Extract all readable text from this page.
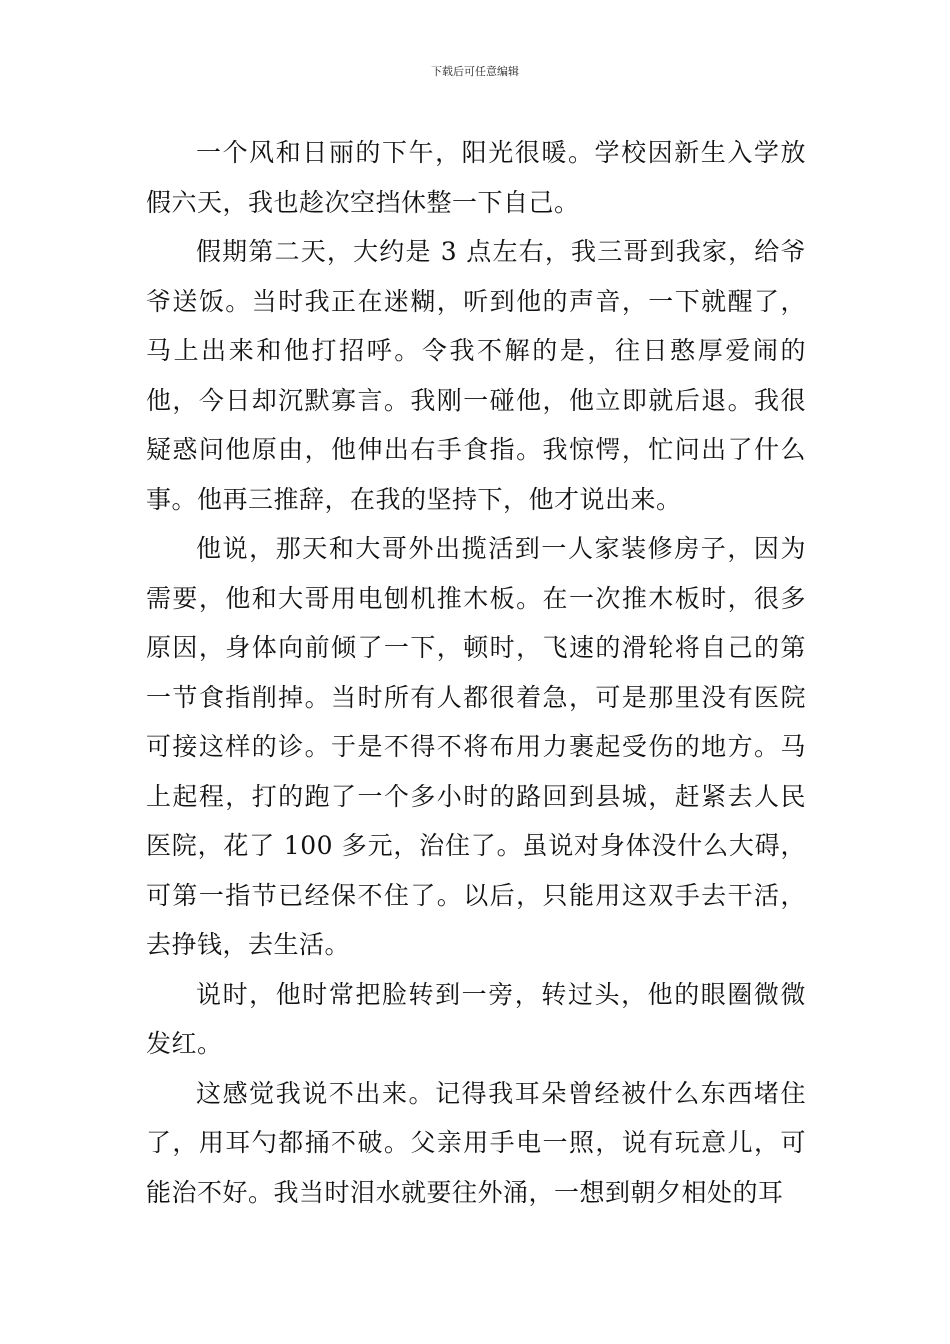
下载后可任意编辑

一个风和日丽的下午，阳光很暖。学校因新生入学放假六天，我也趁次空挡休整一下自己。

假期第二天，大约是 3 点左右，我三哥到我家，给爷爷送饭。当时我正在迷糊，听到他的声音，一下就醒了，马上出来和他打招呼。令我不解的是，往日憨厚爱闹的他，今日却沉默寡言。我刚一碰他，他立即就后退。我很疑惑问他原由，他伸出右手食指。我惊愕，忙问出了什么事。他再三推辞，在我的坚持下，他才说出来。

他说，那天和大哥外出揽活到一人家装修房子，因为需要，他和大哥用电刨机推木板。在一次推木板时，很多原因，身体向前倾了一下，顿时，飞速的滑轮将自己的第一节食指削掉。当时所有人都很着急，可是那里没有医院可接这样的诊。于是不得不将布用力裹起受伤的地方。马上起程，打的跑了一个多小时的路回到县城，赶紧去人民医院，花了 100 多元，治住了。虽说对身体没什么大碍，可第一指节已经保不住了。以后，只能用这双手去干活，去挣钱，去生活。

说时，他时常把脸转到一旁，转过头，他的眼圈微微发红。

这感觉我说不出来。记得我耳朵曾经被什么东西堵住了，用耳勺都捅不破。父亲用手电一照，说有玩意儿，可能治不好。我当时泪水就要往外涌，一想到朝夕相处的耳
